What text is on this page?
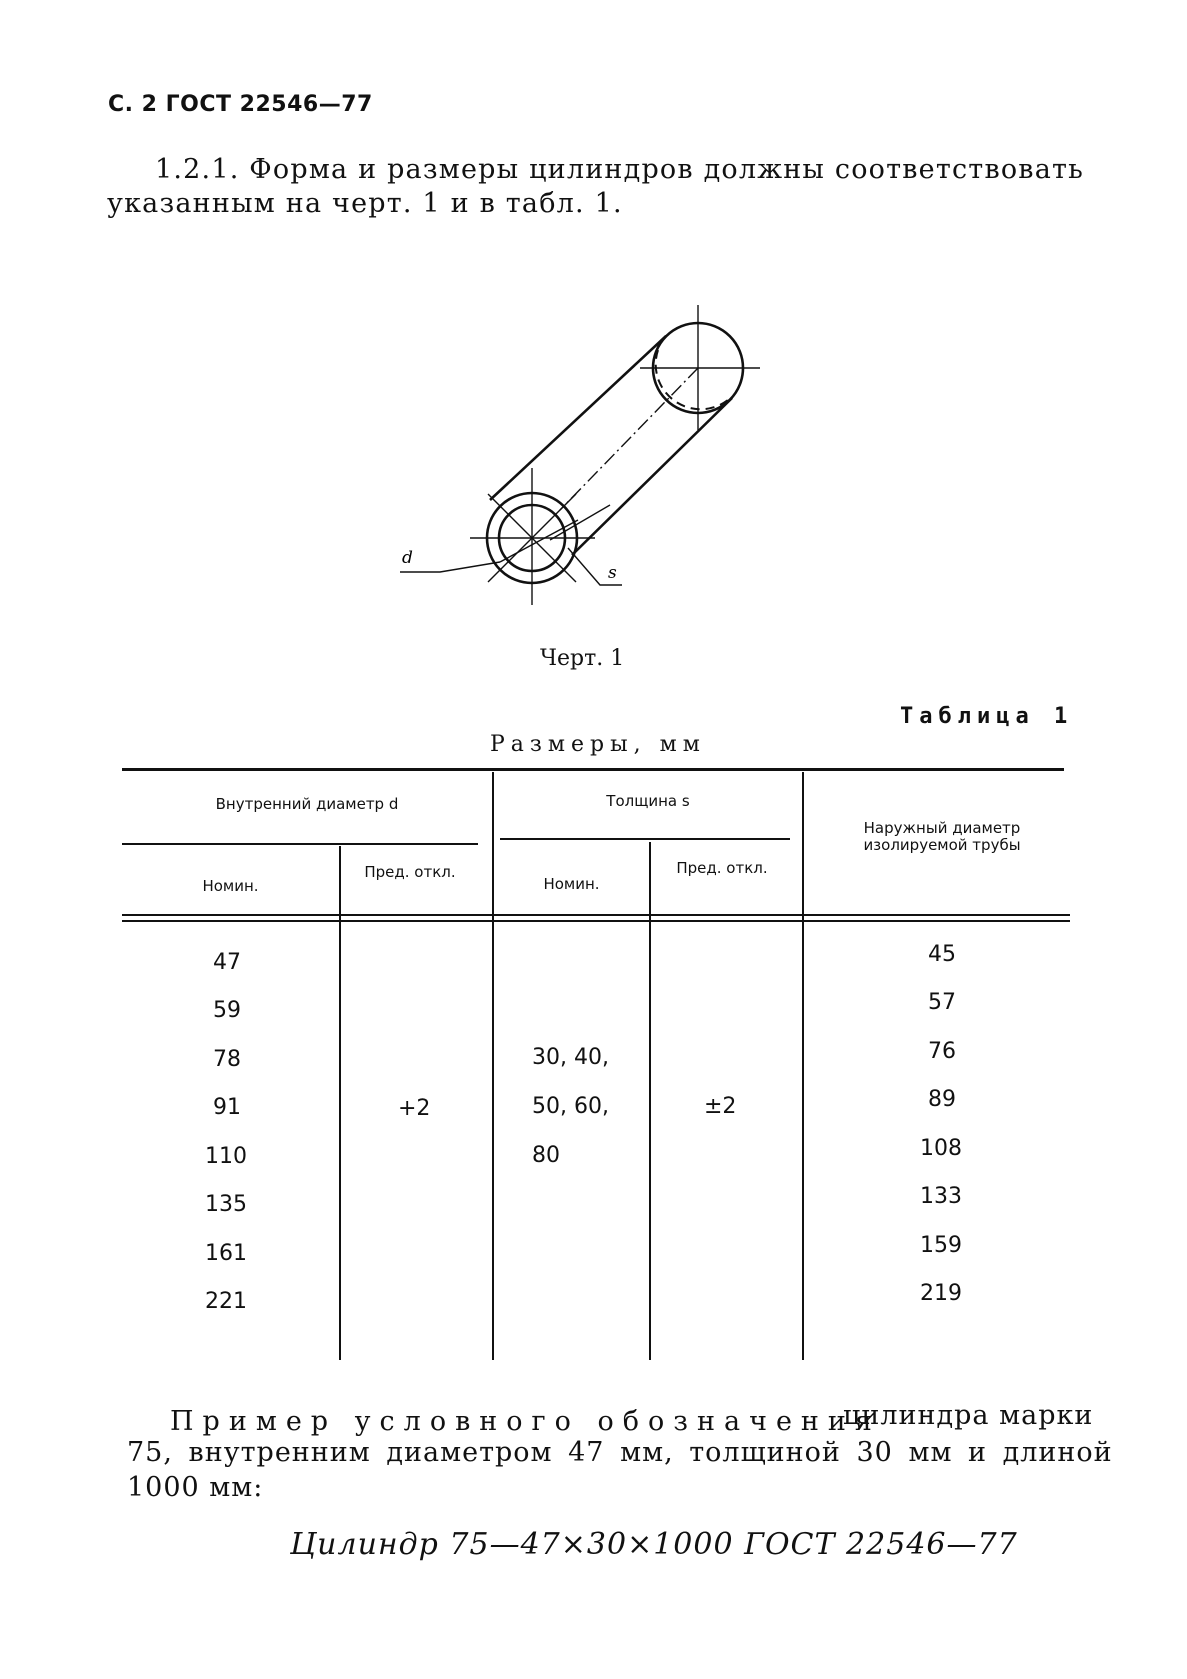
С. 2 ГОСТ 22546—77
1.2.1. Форма и размеры цилиндров должны соответствовать
указанным на черт. 1 и в табл. 1.
d
s
Черт. 1
Таблица 1
Размеры, мм
Внутренний диаметр d	Толщина s
Наружный диаметр изолируемой трубы
Номин.
Пред. откл.
Номин.
Пред. откл.
47
59
78
91
110
135
161
221
+2
30, 40,
50, 60,
80
±2
45
57
76
89
108
133
159
219
Пример условного обозначения
цилиндра марки
75, внутренним диаметром 47 мм, толщиной 30 мм и длиной
1000 мм:
Цилиндр 75—47×30×1000 ГОСТ 22546—77
